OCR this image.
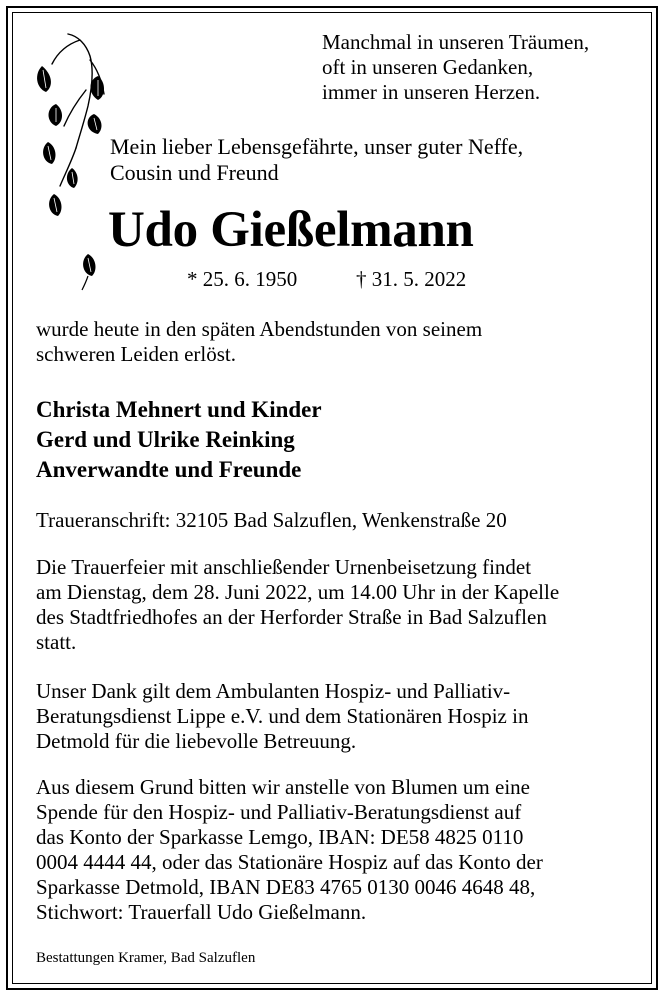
Manchmal in unseren Träumen,
oft in unseren Gedanken,
immer in unseren Herzen.
Mein lieber Lebensgefährte, unser guter Neffe,
Cousin und Freund
Udo Gießelmann
* 25. 6. 1950	† 31. 5. 2022
wurde heute in den späten Abendstunden von seinem
schweren Leiden erlöst.
Christa Mehnert und Kinder
Gerd und Ulrike Reinking
Anverwandte und Freunde
Traueranschrift: 32105 Bad Salzuflen, Wenkenstraße 20
Die Trauerfeier mit anschließender Urnenbeisetzung findet
am Dienstag, dem 28. Juni 2022, um 14.00 Uhr in der Kapelle
des Stadtfriedhofes an der Herforder Straße in Bad Salzuflen
statt.
Unser Dank gilt dem Ambulanten Hospiz- und Palliativ-
Beratungsdienst Lippe e.V. und dem Stationären Hospiz in
Detmold für die liebevolle Betreuung.
Aus diesem Grund bitten wir anstelle von Blumen um eine
Spende für den Hospiz- und Palliativ-Beratungsdienst auf
das Konto der Sparkasse Lemgo, IBAN: DE58 4825 0110
0004 4444 44, oder das Stationäre Hospiz auf das Konto der
Sparkasse Detmold, IBAN DE83 4765 0130 0046 4648 48,
Stichwort: Trauerfall Udo Gießelmann.
Bestattungen Kramer, Bad Salzuflen
